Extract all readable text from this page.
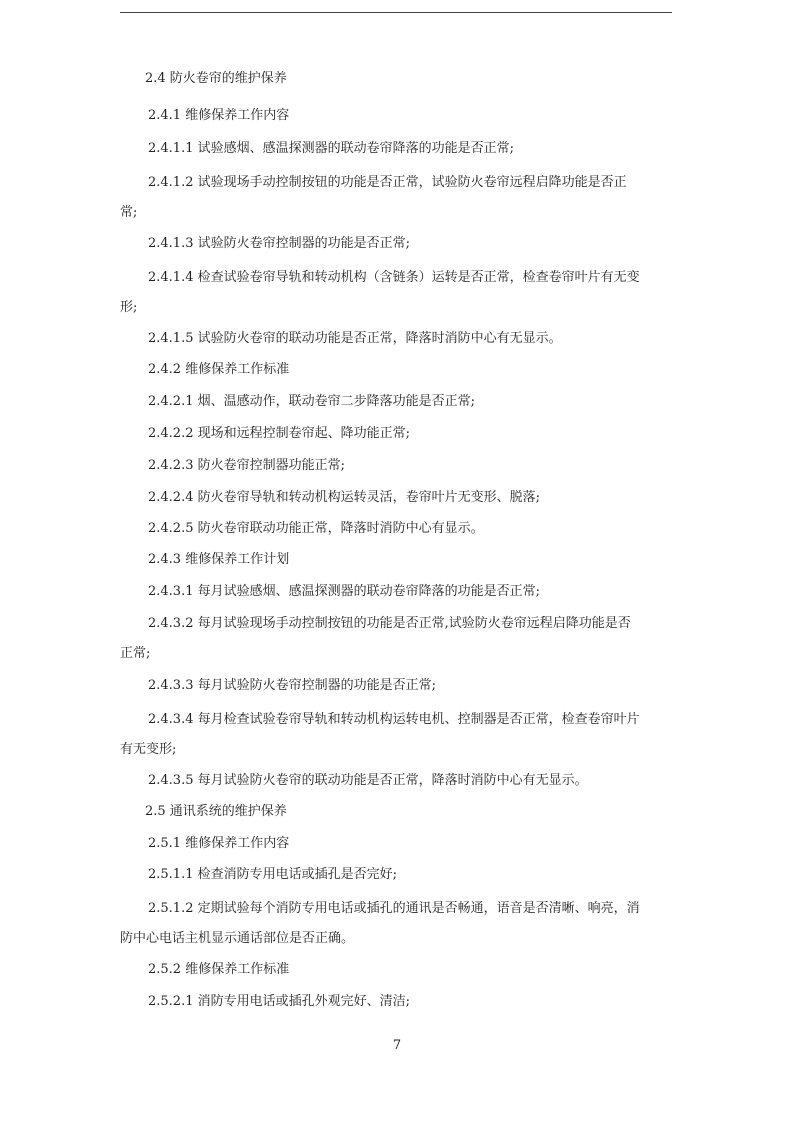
2.4 防火卷帘的维护保养
2.4.1 维修保养工作内容
2.4.1.1 试验感烟、感温探测器的联动卷帘降落的功能是否正常;
2.4.1.2 试验现场手动控制按钮的功能是否正常，试验防火卷帘远程启降功能是否正
常;
2.4.1.3 试验防火卷帘控制器的功能是否正常;
2.4.1.4 检查试验卷帘导轨和转动机构（含链条）运转是否正常，检查卷帘叶片有无变
形;
2.4.1.5 试验防火卷帘的联动功能是否正常，降落时消防中心有无显示。
2.4.2 维修保养工作标准
2.4.2.1 烟、温感动作，联动卷帘二步降落功能是否正常;
2.4.2.2 现场和远程控制卷帘起、降功能正常;
2.4.2.3 防火卷帘控制器功能正常;
2.4.2.4 防火卷帘导轨和转动机构运转灵活，卷帘叶片无变形、脱落;
2.4.2.5 防火卷帘联动功能正常，降落时消防中心有显示。
2.4.3 维修保养工作计划
2.4.3.1 每月试验感烟、感温探测器的联动卷帘降落的功能是否正常;
2.4.3.2 每月试验现场手动控制按钮的功能是否正常,试验防火卷帘远程启降功能是否
正常;
2.4.3.3 每月试验防火卷帘控制器的功能是否正常;
2.4.3.4 每月检查试验卷帘导轨和转动机构运转电机、控制器是否正常，检查卷帘叶片
有无变形;
2.4.3.5 每月试验防火卷帘的联动功能是否正常，降落时消防中心有无显示。
2.5 通讯系统的维护保养
2.5.1 维修保养工作内容
2.5.1.1 检查消防专用电话或插孔是否完好;
2.5.1.2 定期试验每个消防专用电话或插孔的通讯是否畅通，语音是否清晰、响亮，消
防中心电话主机显示通话部位是否正确。
2.5.2 维修保养工作标准
2.5.2.1 消防专用电话或插孔外观完好、清洁;
7
